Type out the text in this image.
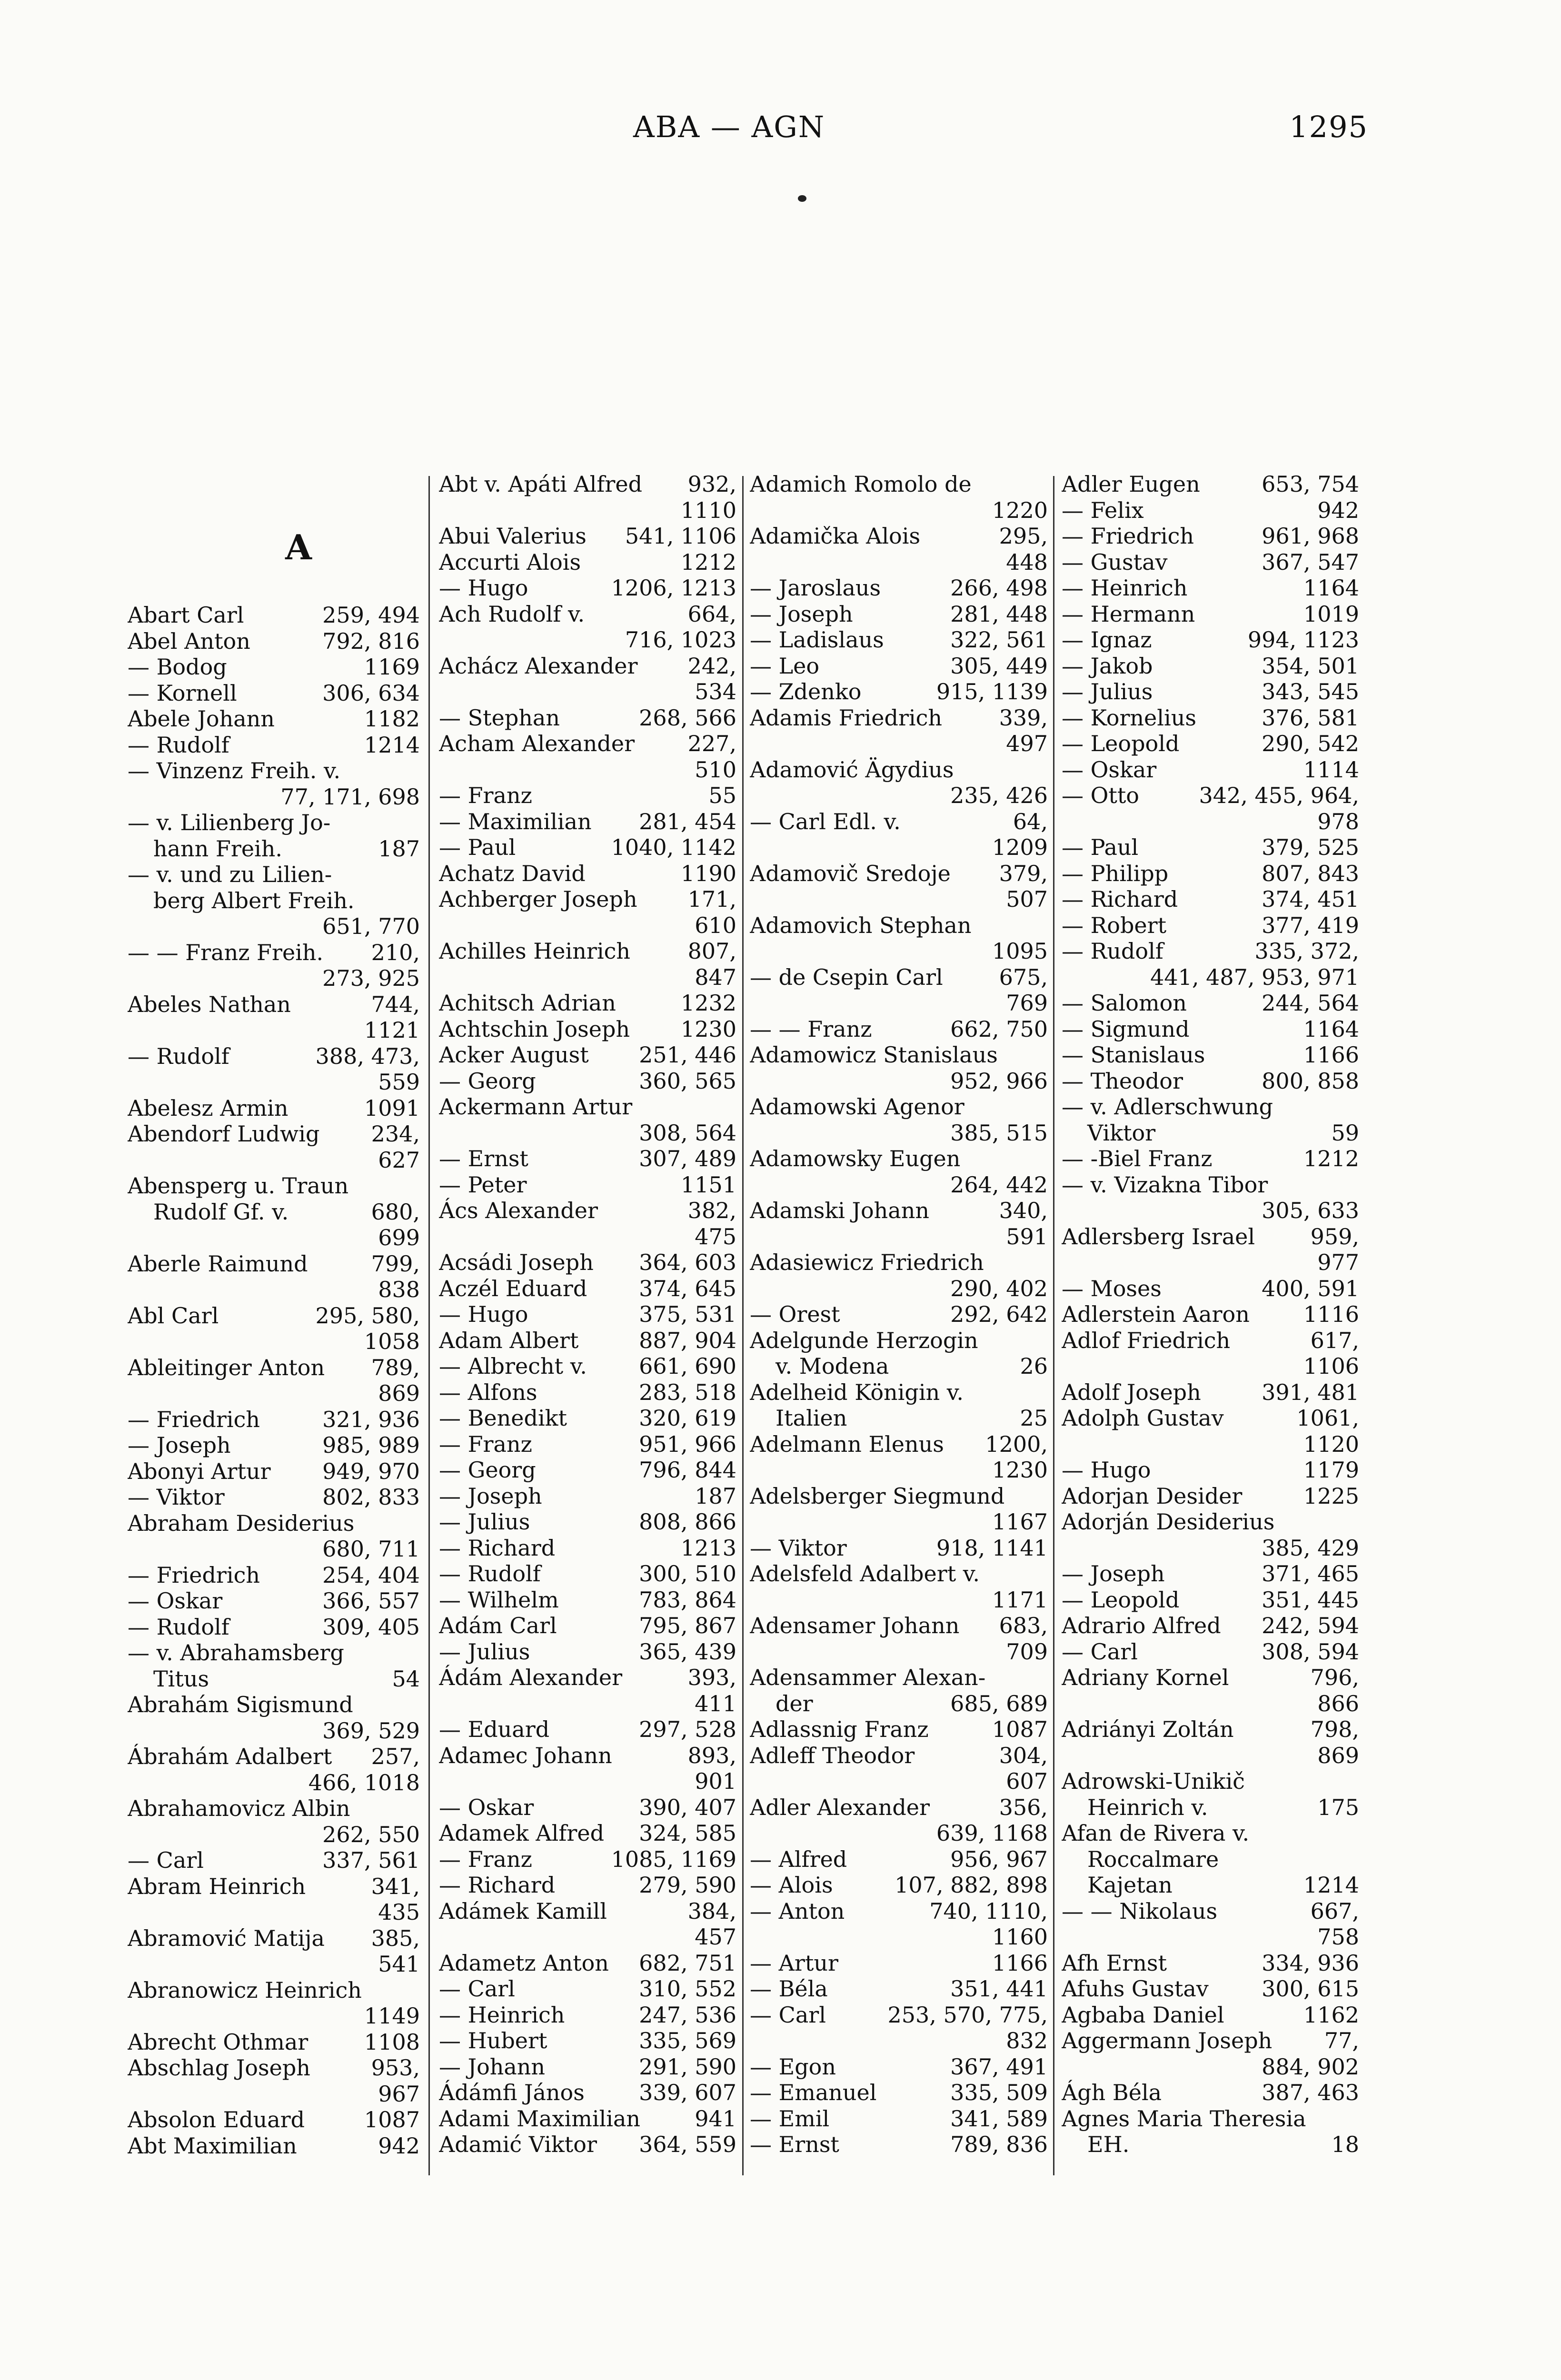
ABA — AGN	1295
A
Abart Carl	259, 494
Abel Anton	792, 816
— Bodog	1169
— Kornell	306, 634
Abele Johann	1182
— Rudolf	1214
— Vinzenz Freih. v.
77, 171, 698
— v. Lilienberg Jo-
hann Freih.	187
— v. und zu Lilien-
berg Albert Freih.
651, 770
— — Franz Freih. 210,
273, 925
Abeles Nathan	744,
1121
— Rudolf	388, 473,
559
Abelesz Armin	1091
Abendorf Ludwig 234,
627
Abensperg u. Traun
Rudolf Gf. v.	680,
699
Aberle Raimund	799,
838
Abl Carl	295, 580,
1058
Ableitinger Anton 789,
869
— Friedrich	321, 936
— Joseph	985, 989
Abonyi Artur 949, 970
— Viktor	802, 833
Abraham Desiderius
680, 711
— Friedrich	254, 404
— Oskar	366, 557
— Rudolf	309, 405
— v. Abrahamsberg
Titus	54
Abrahám Sigismund
369, 529
Ábrahám Adalbert 257,
466, 1018
Abrahamovicz Albin
262, 550
— Carl	337, 561
Abram Heinrich	341,
435
Abramović Matija 385,
541
Abranowicz Heinrich
1149
Abrecht Othmar	1108
Abschlag Joseph	953,
967
Absolon Eduard	1087
Abt Maximilian	942
Abt v. Apáti Alfred 932,
1110
Abui Valerius 541, 1106
Accurti Alois	1212
— Hugo	1206, 1213
Ach Rudolf v.	664,
716, 1023
Achácz Alexander 242,
534
— Stephan	268, 566
Acham Alexander 227,
510
— Franz	55
— Maximilian 281, 454
— Paul	1040, 1142
Achatz David	1190
Achberger Joseph 171,
610
Achilles Heinrich	807,
847
Achitsch Adrian	1232
Achtschin Joseph 1230
Acker August 251, 446
— Georg	360, 565
Ackermann Artur
308, 564
— Ernst	307, 489
— Peter	1151
Ács Alexander	382,
475
Acsádi Joseph 364, 603
Aczél Eduard 374, 645
— Hugo	375, 531
Adam Albert	887, 904
— Albrecht v. 661, 690
— Alfons	283, 518
— Benedikt	320, 619
— Franz	951, 966
— Georg	796, 844
— Joseph	187
— Julius	808, 866
— Richard	1213
— Rudolf	300, 510
— Wilhelm	783, 864
Adám Carl	795, 867
— Julius	365, 439
Ádám Alexander	393,
411
— Eduard	297, 528
Adamec Johann	893,
901
— Oskar	390, 407
Adamek Alfred 324, 585
— Franz	1085, 1169
— Richard	279, 590
Adámek Kamill	384,
457
Adametz Anton 682, 751
— Carl	310, 552
— Heinrich	247, 536
— Hubert	335, 569
— Johann	291, 590
Ádámfi János 339, 607
Adami Maximilian 941
Adamić Viktor 364, 559
Adamich Romolo de
1220
Adamička Alois	295,
448
— Jaroslaus	266, 498
— Joseph	281, 448
— Ladislaus	322, 561
— Leo	305, 449
— Zdenko	915, 1139
Adamis Friedrich	339,
497
Adamović Ägydius
235, 426
— Carl Edl. v.	64,
1209
Adamovič Sredoje 379,
507
Adamovich Stephan
1095
— de Csepin Carl	675,
769
— — Franz	662, 750
Adamowicz Stanislaus
952, 966
Adamowski Agenor
385, 515
Adamowsky Eugen
264, 442
Adamski Johann	340,
591
Adasiewicz Friedrich
290, 402
— Orest	292, 642
Adelgunde Herzogin
v. Modena	26
Adelheid Königin v.
Italien	25
Adelmann Elenus 1200,
1230
Adelsberger Siegmund
1167
— Viktor	918, 1141
Adelsfeld Adalbert v.
1171
Adensamer Johann 683,
709
Adensammer Alexan-
der	685, 689
Adlassnig Franz	1087
Adleff Theodor	304,
607
Adler Alexander	356,
639, 1168
— Alfred	956, 967
— Alois	107, 882, 898
— Anton	740, 1110,
1160
— Artur	1166
— Béla	351, 441
— Carl	253, 570, 775,
832
— Egon	367, 491
— Emanuel	335, 509
— Emil	341, 589
— Ernst	789, 836
Adler Eugen	653, 754
— Felix	942
— Friedrich	961, 968
— Gustav	367, 547
— Heinrich	1164
— Hermann	1019
— Ignaz	994, 1123
— Jakob	354, 501
— Julius	343, 545
— Kornelius	376, 581
— Leopold	290, 542
— Oskar	1114
— Otto	342, 455, 964,
978
— Paul	379, 525
— Philipp	807, 843
— Richard	374, 451
— Robert	377, 419
— Rudolf	335, 372,
441, 487, 953, 971
— Salomon	244, 564
— Sigmund	1164
— Stanislaus	1166
— Theodor	800, 858
— v. Adlerschwung
Viktor	59
— -Biel Franz	1212
— v. Vizakna Tibor
305, 633
Adlersberg Israel	959,
977
— Moses	400, 591
Adlerstein Aaron 1116
Adlof Friedrich	617,
1106
Adolf Joseph	391, 481
Adolph Gustav	1061,
1120
— Hugo	1179
Adorjan Desider	1225
Adorján Desiderius
385, 429
— Joseph	371, 465
— Leopold	351, 445
Adrario Alfred 242, 594
— Carl	308, 594
Adriany Kornel	796,
866
Adriányi Zoltán	798,
869
Adrowski-Unikič
Heinrich v.	175
Afan de Rivera v.
Roccalmare
Kajetan	1214
— — Nikolaus	667,
758
Afh Ernst	334, 936
Afuhs Gustav 300, 615
Agbaba Daniel	1162
Aggermann Joseph 77,
884, 902
Ágh Béla	387, 463
Agnes Maria Theresia
EH.	18
